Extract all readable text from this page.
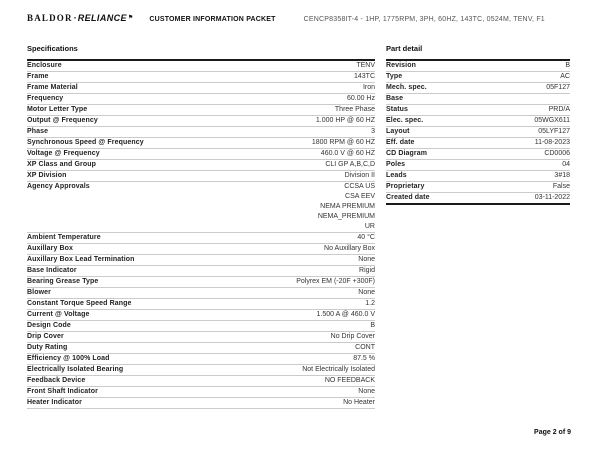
BALDOR·RELIANCE⚑ CUSTOMER INFORMATION PACKET	CENCP8358IT-4 - 1HP, 1775RPM, 3PH, 60HZ, 143TC, 0524M, TENV, F1
Specifications
Enclosure	TENV
Frame	143TC
Frame Material	Iron
Frequency	60.00 Hz
Motor Letter Type	Three Phase
Output @ Frequency	1.000 HP @ 60 HZ
Phase	3
Synchronous Speed @ Frequency	1800 RPM @ 60 HZ
Voltage @ Frequency	460.0 V @ 60 HZ
XP Class and Group	CLI GP A,B,C,D
XP Division	Division II
Agency Approvals	CCSA US
CSA EEV
NEMA PREMIUM
NEMA_PREMIUM
UR
Ambient Temperature	40 °C
Auxillary Box	No Auxillary Box
Auxillary Box Lead Termination	None
Base Indicator	Rigid
Bearing Grease Type	Polyrex EM (-20F +300F)
Blower	None
Constant Torque Speed Range	1.2
Current @ Voltage	1.500 A @ 460.0 V
Design Code	B
Drip Cover	No Drip Cover
Duty Rating	CONT
Efficiency @ 100% Load	87.5 %
Electrically Isolated Bearing	Not Electrically Isolated
Feedback Device	NO FEEDBACK
Front Shaft Indicator	None
Heater Indicator	No Heater
Part detail
Revision	B
Type	AC
Mech. spec.	05F127
Base
Status	PRD/A
Elec. spec.	05WGX611
Layout	05LYF127
Eff. date	11-08-2023
CD Diagram	CD0006
Poles	04
Leads	3#18
Proprietary	False
Created date	03-11-2022
Page 2 of 9
